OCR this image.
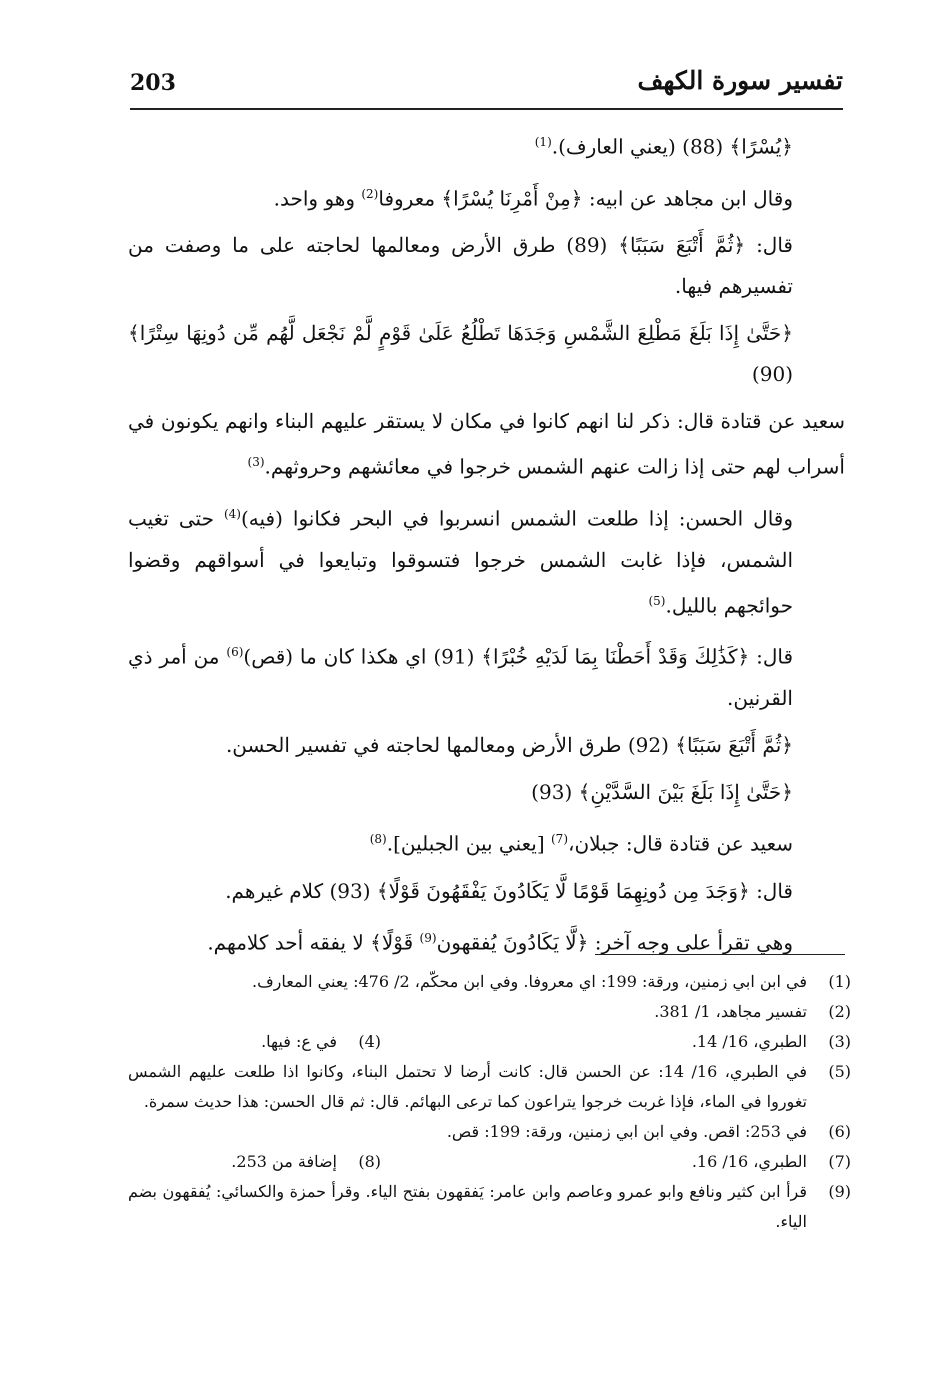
203	تفسير سورة الكهف

﴿يُسْرًا﴾ (88) (يعني العارف).$^{(1)}$

وقال ابن مجاهد عن ابيه: ﴿مِنْ أَمْرِنَا يُسْرًا﴾ معروفا$^{(2)}$ وهو واحد.

قال: ﴿ثُمَّ أَتْبَعَ سَبَبًا﴾ (89) طرق الأرض ومعالمها لحاجته على ما وصفت من تفسيرهم فيها.

﴿حَتَّىٰ إِذَا بَلَغَ مَطْلِعَ الشَّمْسِ وَجَدَهَا تَطْلُعُ عَلَىٰ قَوْمٍ لَّمْ نَجْعَل لَّهُم مِّن دُونِهَا سِتْرًا﴾ (90)

سعيد عن قتادة قال: ذكر لنا انهم كانوا في مكان لا يستقر عليهم البناء وانهم يكونون في أسراب لهم حتى إذا زالت عنهم الشمس خرجوا في معائشهم وحروثهم.$^{(3)}$

وقال الحسن: إذا طلعت الشمس انسربوا في البحر فكانوا (فيه)$^{(4)}$ حتى تغيب الشمس، فإذا غابت الشمس خرجوا فتسوقوا وتبايعوا في أسواقهم وقضوا حوائجهم بالليل.$^{(5)}$

قال: ﴿كَذَٰلِكَ وَقَدْ أَحَطْنَا بِمَا لَدَيْهِ خُبْرًا﴾ (91) اي هكذا كان ما (قص)$^{(6)}$ من أمر ذي القرنين.

﴿ثُمَّ أَتْبَعَ سَبَبًا﴾ (92) طرق الأرض ومعالمها لحاجته في تفسير الحسن.

﴿حَتَّىٰ إِذَا بَلَغَ بَيْنَ السَّدَّيْنِ﴾ (93)

سعيد عن قتادة قال: جبلان،$^{(7)}$ [يعني بين الجبلين].$^{(8)}$

قال: ﴿وَجَدَ مِن دُونِهِمَا قَوْمًا لَّا يَكَادُونَ يَفْقَهُونَ قَوْلًا﴾ (93) كلام غيرهم.

وهي تقرأ على وجه آخر: ﴿لَّا يَكَادُونَ يُفقهون$^{(9)}$ قَوْلًا﴾ لا يفقه أحد كلامهم.

(1)
في ابن ابي زمنين، ورقة: 199: اي معروفا. وفي ابن محكّم، 2/ 476: يعني المعارف.
(2)
تفسير مجاهد، 1/ 381.
(3)
الطبري، 16/ 14.
(4)
في ع: فيها.
(5)
في الطبري، 16/ 14: عن الحسن قال: كانت أرضا لا تحتمل البناء، وكانوا اذا طلعت عليهم الشمس تغوروا في الماء، فإذا غربت خرجوا يتراعون كما ترعى البهائم. قال: ثم قال الحسن: هذا حديث سمرة.
(6)
في 253: اقص. وفي ابن ابي زمنين، ورقة: 199: قص.
(7)
الطبري، 16/ 16.
(8)
إضافة من 253.
(9)
قرأ ابن كثير ونافع وابو عمرو وعاصم وابن عامر: يَفقهون بفتح الياء. وقرأ حمزة والكسائي: يُفقهون بضم الياء.
